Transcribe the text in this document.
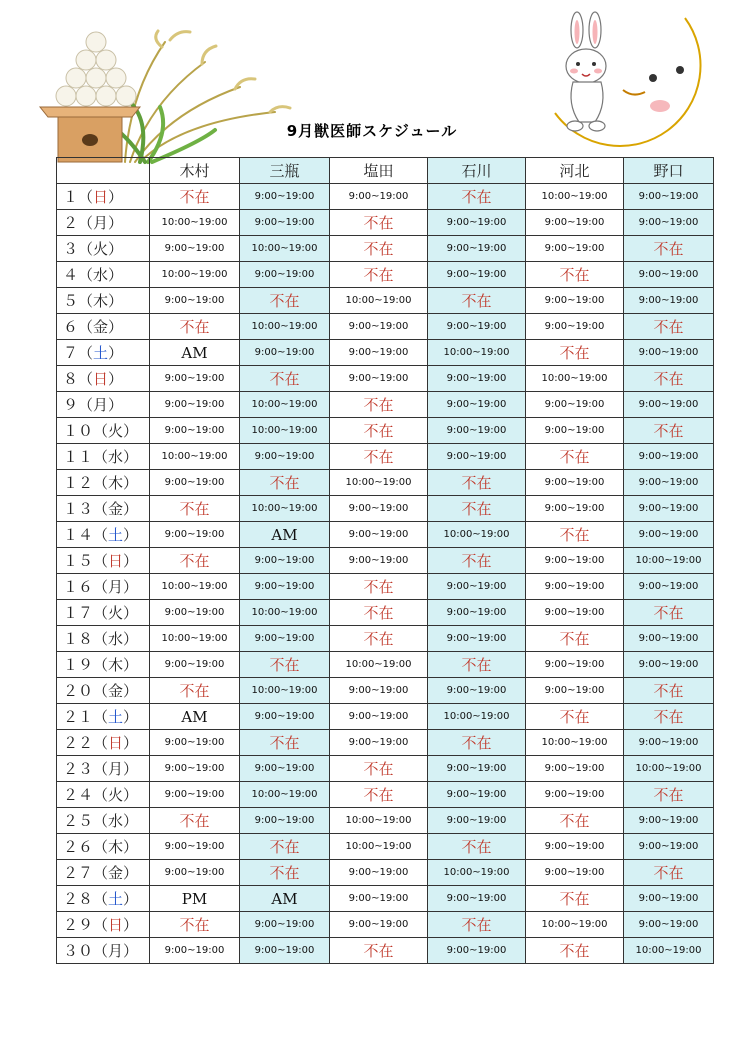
9月獣医師スケジュール
	木村	三瓶	塩田	石川	河北	野口
１（日）	不在	9:00~19:00	9:00~19:00	不在	10:00~19:00	9:00~19:00
２（月）	10:00~19:00	9:00~19:00	不在	9:00~19:00	9:00~19:00	9:00~19:00
３（火）	9:00~19:00	10:00~19:00	不在	9:00~19:00	9:00~19:00	不在
４（水）	10:00~19:00	9:00~19:00	不在	9:00~19:00	不在	9:00~19:00
５（木）	9:00~19:00	不在	10:00~19:00	不在	9:00~19:00	9:00~19:00
６（金）	不在	10:00~19:00	9:00~19:00	9:00~19:00	9:00~19:00	不在
７（土）	AM	9:00~19:00	9:00~19:00	10:00~19:00	不在	9:00~19:00
８（日）	9:00~19:00	不在	9:00~19:00	9:00~19:00	10:00~19:00	不在
９（月）	9:00~19:00	10:00~19:00	不在	9:00~19:00	9:00~19:00	9:00~19:00
１０（火）	9:00~19:00	10:00~19:00	不在	9:00~19:00	9:00~19:00	不在
１１（水）	10:00~19:00	9:00~19:00	不在	9:00~19:00	不在	9:00~19:00
１２（木）	9:00~19:00	不在	10:00~19:00	不在	9:00~19:00	9:00~19:00
１３（金）	不在	10:00~19:00	9:00~19:00	不在	9:00~19:00	9:00~19:00
１４（土）	9:00~19:00	AM	9:00~19:00	10:00~19:00	不在	9:00~19:00
１５（日）	不在	9:00~19:00	9:00~19:00	不在	9:00~19:00	10:00~19:00
１６（月）	10:00~19:00	9:00~19:00	不在	9:00~19:00	9:00~19:00	9:00~19:00
１７（火）	9:00~19:00	10:00~19:00	不在	9:00~19:00	9:00~19:00	不在
１８（水）	10:00~19:00	9:00~19:00	不在	9:00~19:00	不在	9:00~19:00
１９（木）	9:00~19:00	不在	10:00~19:00	不在	9:00~19:00	9:00~19:00
２０（金）	不在	10:00~19:00	9:00~19:00	9:00~19:00	9:00~19:00	不在
２１（土）	AM	9:00~19:00	9:00~19:00	10:00~19:00	不在	不在
２２（日）	9:00~19:00	不在	9:00~19:00	不在	10:00~19:00	9:00~19:00
２３（月）	9:00~19:00	9:00~19:00	不在	9:00~19:00	9:00~19:00	10:00~19:00
２４（火）	9:00~19:00	10:00~19:00	不在	9:00~19:00	9:00~19:00	不在
２５（水）	不在	9:00~19:00	10:00~19:00	9:00~19:00	不在	9:00~19:00
２６（木）	9:00~19:00	不在	10:00~19:00	不在	9:00~19:00	9:00~19:00
２７（金）	9:00~19:00	不在	9:00~19:00	10:00~19:00	9:00~19:00	不在
２８（土）	PM	AM	9:00~19:00	9:00~19:00	不在	9:00~19:00
２９（日）	不在	9:00~19:00	9:00~19:00	不在	10:00~19:00	9:00~19:00
３０（月）	9:00~19:00	9:00~19:00	不在	9:00~19:00	不在	10:00~19:00
